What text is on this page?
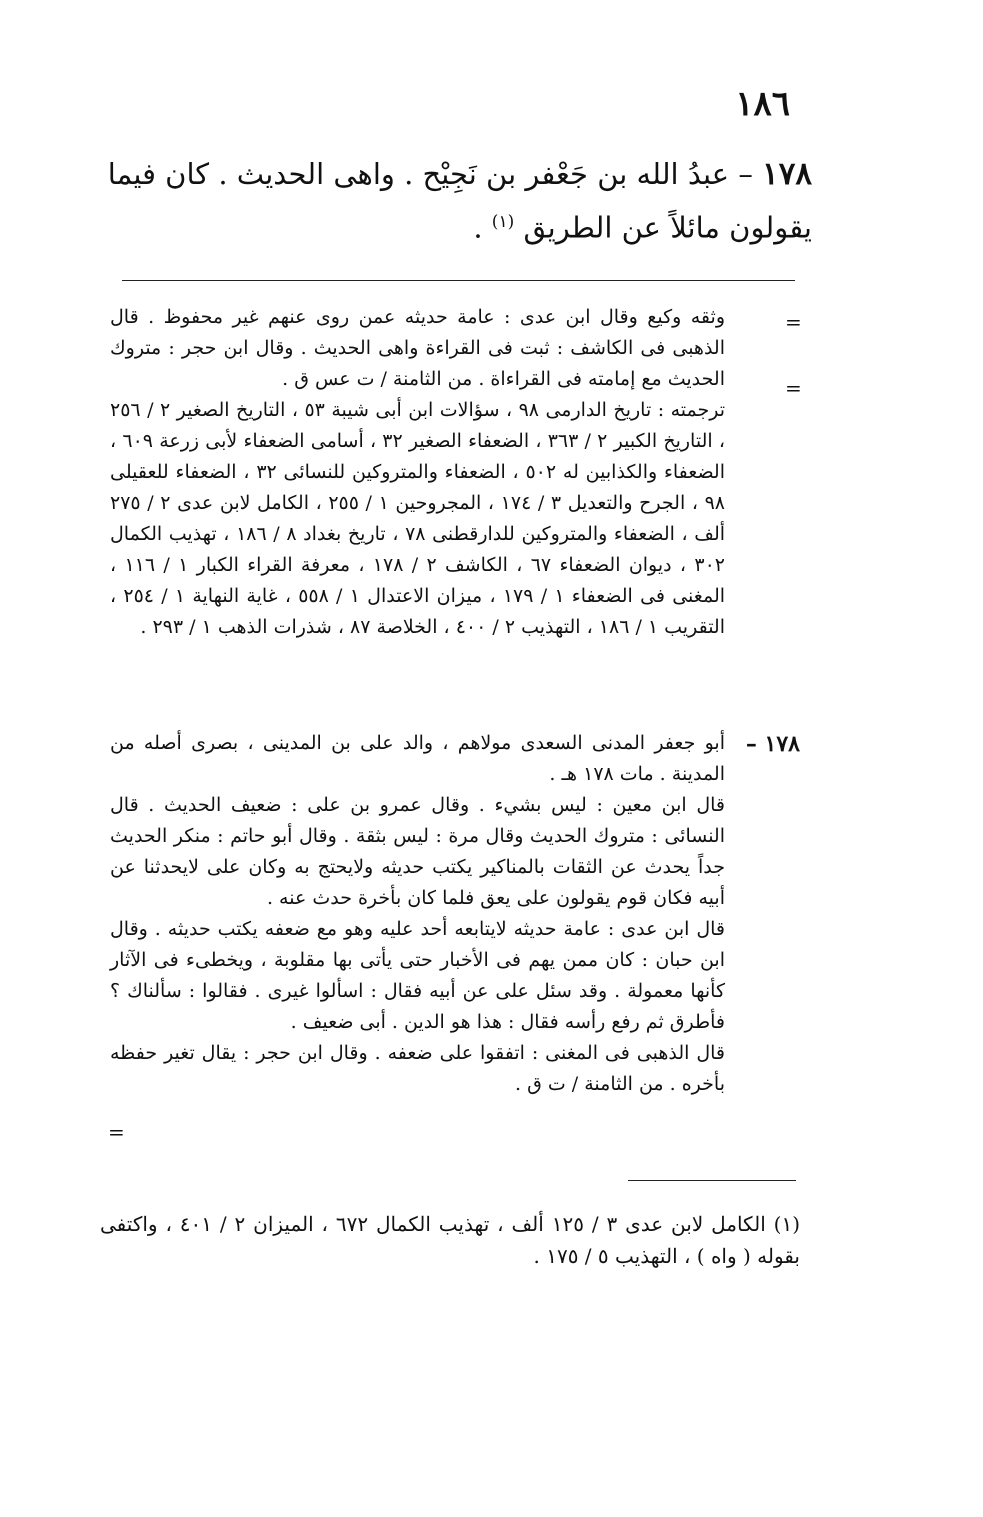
١٨٦
١٧٨ – عبدُ الله بن جَعْفر بن نَجِيْح . واهى الحديث . كان فيما يقولون مائلاً عن الطريق $^{(١)}$ .
=
=

وثقه وكيع وقال ابن عدى : عامة حديثه عمن روى عنهم غير محفوظ . قال الذهبى فى الكاشف : ثبت فى القراءة واهى الحديث . وقال ابن حجر : متروك الحديث مع إمامته فى القراءاة . من الثامنة / ت عس ق .

ترجمته : تاريخ الدارمى ٩٨ ، سؤالات ابن أبى شيبة ٥٣ ، التاريخ الصغير ٢ / ٢٥٦ ، التاريخ الكبير ٢ / ٣٦٣ ، الضعفاء الصغير ٣٢ ، أسامى الضعفاء لأبى زرعة ٦٠٩ ، الضعفاء والكذابين له ٥٠٢ ، الضعفاء والمتروكين للنسائى ٣٢ ، الضعفاء للعقيلى ٩٨ ، الجرح والتعديل ٣ / ١٧٤ ، المجروحين ١ / ٢٥٥ ، الكامل لابن عدى ٢ / ٢٧٥ ألف ، الضعفاء والمتروكين للدارقطنى ٧٨ ، تاريخ بغداد ٨ / ١٨٦ ، تهذيب الكمال ٣٠٢ ، ديوان الضعفاء ٦٧ ، الكاشف ٢ / ١٧٨ ، معرفة القراء الكبار ١ / ١١٦ ، المغنى فى الضعفاء ١ / ١٧٩ ، ميزان الاعتدال ١ / ٥٥٨ ، غاية النهاية ١ / ٢٥٤ ، التقريب ١ / ١٨٦ ، التهذيب ٢ / ٤٠٠ ، الخلاصة ٨٧ ، شذرات الذهب ١ / ٢٩٣ .

١٧٨ –

أبو جعفر المدنى السعدى مولاهم ، والد على بن المدينى ، بصرى أصله من المدينة . مات ١٧٨ هـ .

قال ابن معين : ليس بشيء . وقال عمرو بن على : ضعيف الحديث . قال النسائى : متروك الحديث وقال مرة : ليس بثقة . وقال أبو حاتم : منكر الحديث جداً يحدث عن الثقات بالمناكير يكتب حديثه ولايحتج به وكان على لايحدثنا عن أبيه فكان قوم يقولون على يعق فلما كان بأخرة حدث عنه .

قال ابن عدى : عامة حديثه لايتابعه أحد عليه وهو مع ضعفه يكتب حديثه . وقال ابن حبان : كان ممن يهم فى الأخبار حتى يأتى بها مقلوبة ، ويخطىء فى الآثار كأنها معمولة . وقد سئل على عن أبيه فقال : اسألوا غيرى . فقالوا : سألناك ؟ فأطرق ثم رفع رأسه فقال : هذا هو الدين . أبى ضعيف .

قال الذهبى فى المغنى : اتفقوا على ضعفه . وقال ابن حجر : يقال تغير حفظه بأخره . من الثامنة / ت ق .

=

(١) الكامل لابن عدى ٣ / ١٢٥ ألف ، تهذيب الكمال ٦٧٢ ، الميزان ٢ / ٤٠١ ، واكتفى بقوله ( واه ) ، التهذيب ٥ / ١٧٥ .
